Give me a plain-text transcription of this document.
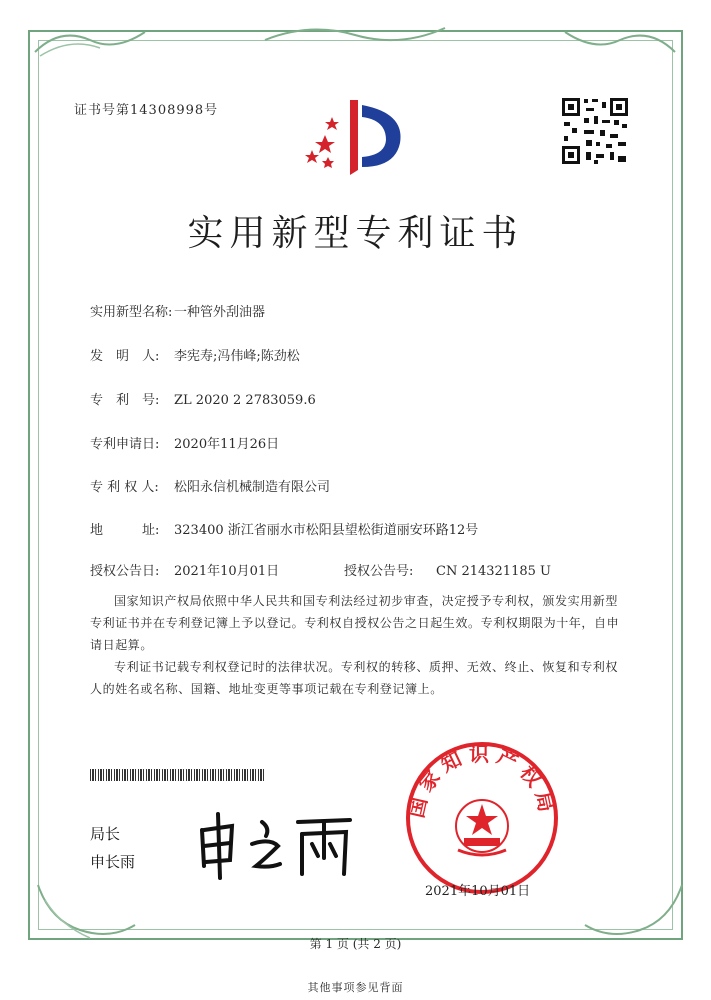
证书号第14308998号
实用新型专利证书
实用新型名称: 一种管外刮油器
发　明　人: 李宪寿;冯伟峰;陈劲松
专　利　号: ZL 2020 2 2783059.6
专利申请日: 2020年11月26日
专 利 权 人: 松阳永信机械制造有限公司
地　　　址: 323400 浙江省丽水市松阳县望松街道丽安环路12号
授权公告日: 2021年10月01日	授权公告号: CN 214321185 U
国家知识产权局依照中华人民共和国专利法经过初步审查，决定授予专利权，颁发实用新型专利证书并在专利登记簿上予以登记。专利权自授权公告之日起生效。专利权期限为十年，自申请日起算。
专利证书记载专利权登记时的法律状况。专利权的转移、质押、无效、终止、恢复和专利权人的姓名或名称、国籍、地址变更等事项记载在专利登记簿上。
局长
申长雨
国家知识产权局
2021年10月01日
第 1 页 (共 2 页)
其他事项参见背面
